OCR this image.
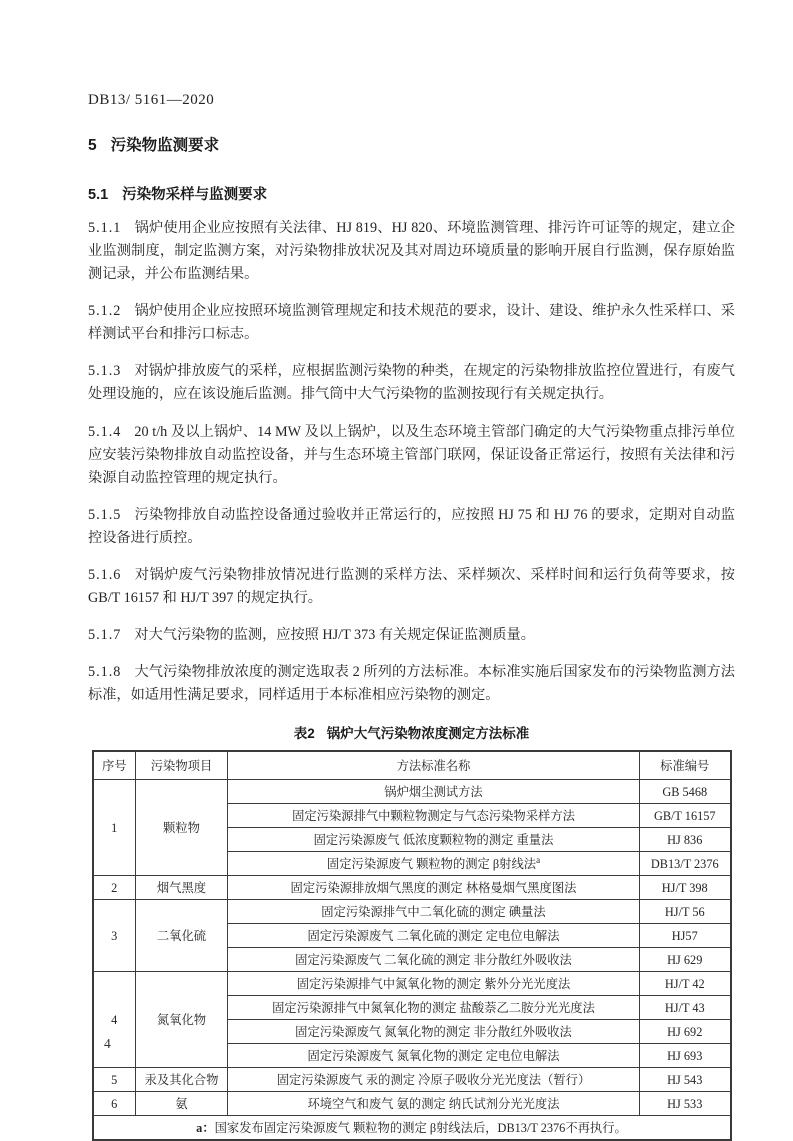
DB13/ 5161—2020
5 污染物监测要求
5.1 污染物采样与监测要求

5.1.1 锅炉使用企业应按照有关法律、HJ 819、HJ 820、环境监测管理、排污许可证等的规定，建立企业监测制度，制定监测方案，对污染物排放状况及其对周边环境质量的影响开展自行监测，保存原始监测记录，并公布监测结果。

5.1.2 锅炉使用企业应按照环境监测管理规定和技术规范的要求，设计、建设、维护永久性采样口、采样测试平台和排污口标志。

5.1.3 对锅炉排放废气的采样，应根据监测污染物的种类，在规定的污染物排放监控位置进行，有废气处理设施的，应在该设施后监测。排气筒中大气污染物的监测按现行有关规定执行。

5.1.4 20 t/h 及以上锅炉、14 MW 及以上锅炉，以及生态环境主管部门确定的大气污染物重点排污单位应安装污染物排放自动监控设备，并与生态环境主管部门联网，保证设备正常运行，按照有关法律和污染源自动监控管理的规定执行。

5.1.5 污染物排放自动监控设备通过验收并正常运行的，应按照 HJ 75 和 HJ 76 的要求，定期对自动监控设备进行质控。

5.1.6 对锅炉废气污染物排放情况进行监测的采样方法、采样频次、采样时间和运行负荷等要求，按 GB/T 16157 和 HJ/T 397 的规定执行。

5.1.7 对大气污染物的监测，应按照 HJ/T 373 有关规定保证监测质量。

5.1.8 大气污染物排放浓度的测定选取表 2 所列的方法标准。本标准实施后国家发布的污染物监测方法标准，如适用性满足要求，同样适用于本标准相应污染物的测定。

表2 锅炉大气污染物浓度测定方法标准
序号	污染物项目	方法标准名称	标准编号
1	颗粒物	锅炉烟尘测试方法	GB 5468
		固定污染源排气中颗粒物测定与气态污染物采样方法	GB/T 16157
		固定污染源废气 低浓度颗粒物的测定 重量法	HJ 836
		固定污染源废气 颗粒物的测定 β射线法$^a$	DB13/T 2376
2	烟气黑度	固定污染源排放烟气黑度的测定 林格曼烟气黑度图法	HJ/T 398
3	二氧化硫	固定污染源排气中二氧化硫的测定 碘量法	HJ/T 56
		固定污染源废气 二氧化硫的测定 定电位电解法	HJ57
		固定污染源废气 二氧化硫的测定 非分散红外吸收法	HJ 629
4	氮氧化物	固定污染源排气中氮氧化物的测定 紫外分光光度法	HJ/T 42
		固定污染源排气中氮氧化物的测定 盐酸萘乙二胺分光光度法	HJ/T 43
		固定污染源废气 氮氧化物的测定 非分散红外吸收法	HJ 692
		固定污染源废气 氮氧化物的测定 定电位电解法	HJ 693
5	汞及其化合物	固定污染源废气 汞的测定 冷原子吸收分光光度法（暂行）	HJ 543
6	氨	环境空气和废气 氨的测定 纳氏试剂分光光度法	HJ 533
a：国家发布固定污染源废气 颗粒物的测定 β射线法后，DB13/T 2376不再执行。			
4
